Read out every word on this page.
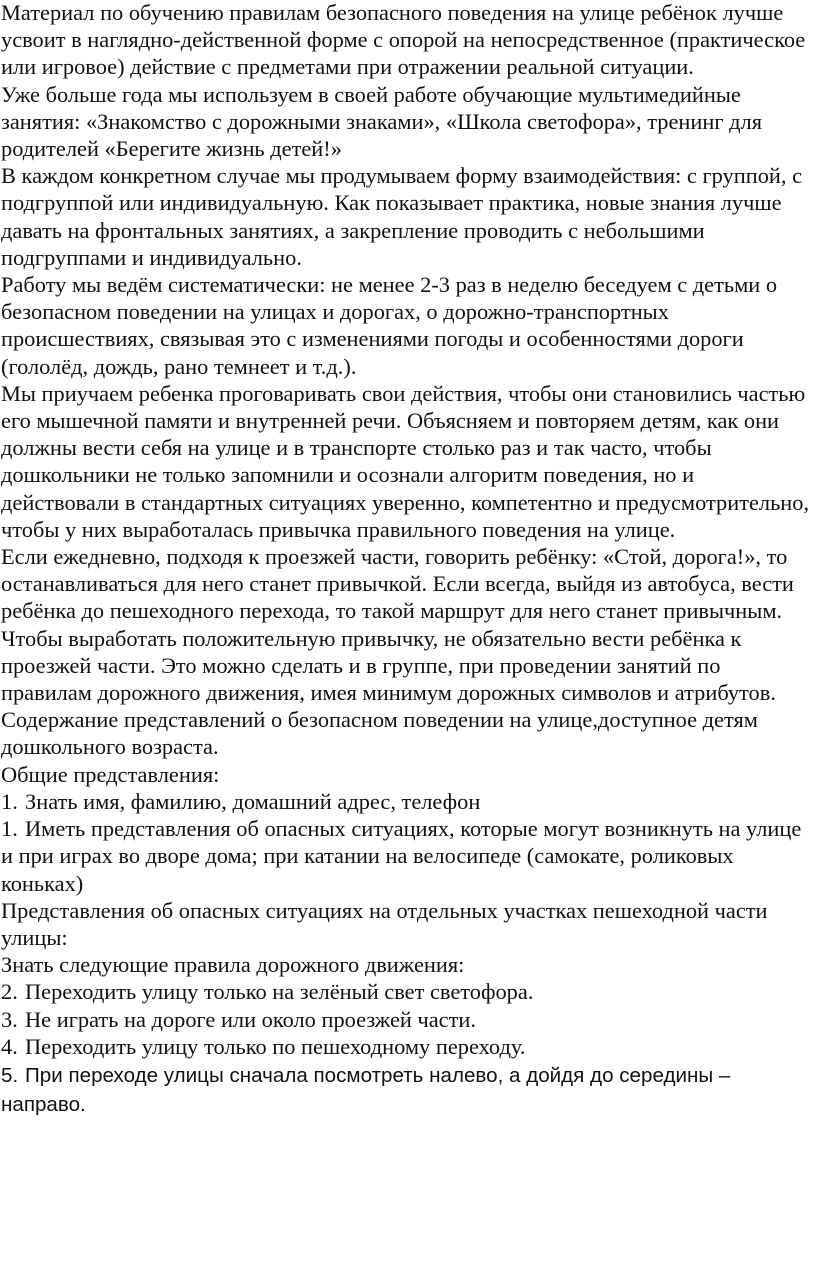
Материал по обучению правилам безопасного поведения на улице ребёнок лучше усвоит в наглядно-действенной форме с опорой на непосредственное (практическое или игровое) действие с предметами при отражении реальной ситуации.

Уже больше года мы используем в своей работе обучающие мультимедийные занятия: «Знакомство с дорожными знаками», «Школа светофора», тренинг для родителей «Берегите жизнь детей!»

В каждом конкретном случае мы продумываем форму взаимодействия: с группой, с подгруппой или индивидуальную. Как показывает практика, новые знания лучше давать на фронтальных занятиях, а закрепление проводить с небольшими подгруппами и индивидуально.

Работу мы ведём систематически: не менее 2-3 раз в неделю беседуем с детьми о безопасном поведении на улицах и дорогах, о дорожно-транспортных происшествиях, связывая это с изменениями погоды и особенностями дороги (гололёд, дождь, рано темнеет и т.д.).

Мы приучаем ребенка проговаривать свои действия, чтобы они становились частью его мышечной памяти и внутренней речи. Объясняем и повторяем детям, как они должны вести себя на улице и в транспорте столько раз и так часто, чтобы дошкольники не только запомнили и осознали алгоритм поведения, но и действовали в стандартных ситуациях уверенно, компетентно и предусмотрительно, чтобы у них выработалась привычка правильного поведения на улице.

Если ежедневно, подходя к проезжей части, говорить ребёнку: «Стой, дорога!», то останавливаться для него станет привычкой. Если всегда, выйдя из автобуса, вести ребёнка до пешеходного перехода, то такой маршрут для него станет привычным.

Чтобы выработать положительную привычку, не обязательно вести ребёнка к проезжей части. Это можно сделать и в группе, при проведении занятий по правилам дорожного движения, имея минимум дорожных символов и атрибутов.

Содержание представлений о безопасном поведении на улице,доступное детям дошкольного возраста.

Общие представления:

1. Знать имя, фамилию, домашний адрес, телефон

1. Иметь представления об опасных ситуациях, которые могут возникнуть на улице и при играх во дворе дома; при катании на велосипеде (самокате, роликовых коньках)

Представления об опасных ситуациях на отдельных участках пешеходной части улицы:

Знать следующие правила дорожного движения:

2. Переходить улицу только на зелёный свет светофора.

3. Не играть на дороге или около проезжей части.

4. Переходить улицу только по пешеходному переходу.

5. При переходе улицы сначала посмотреть налево, а дойдя до середины – направо.
